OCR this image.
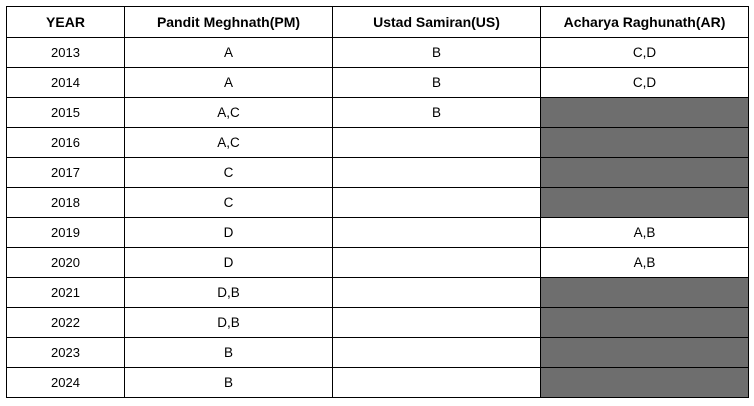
YEAR	Pandit Meghnath(PM)	Ustad Samiran(US)	Acharya Raghunath(AR)
2013	A	B	C,D
2014	A	B	C,D
2015	A,C	B	
2016	A,C		
2017	C		
2018	C		
2019	D		A,B
2020	D		A,B
2021	D,B		
2022	D,B		
2023	B		
2024	B		
